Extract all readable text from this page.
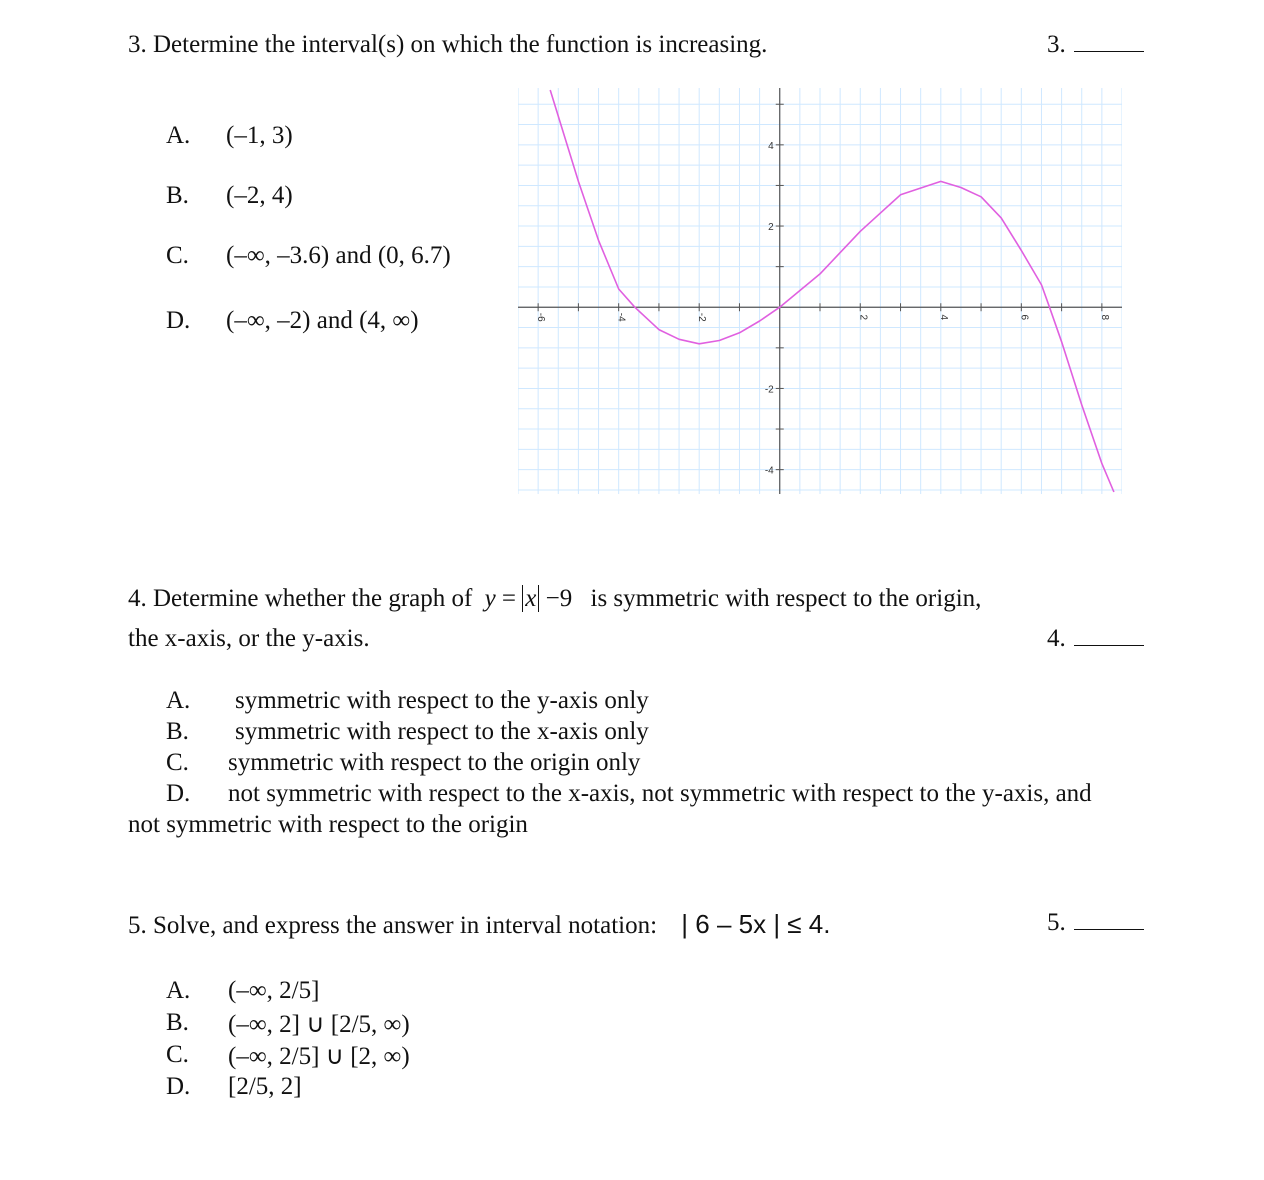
3. Determine the interval(s) on which the function is increasing.	3.
A. (–1, 3)
B. (–2, 4)
C. (–∞, –3.6) and (0, 6.7)
D. (–∞, –2) and (4, ∞)	-6	-4	-2	2	4	6	8
4
2
-2
-4
4. Determine whether the graph of y = x −9 is symmetric with respect to the origin,
the x-axis, or the y-axis.	4.
A. symmetric with respect to the y-axis only
B. symmetric with respect to the x-axis only
C. symmetric with respect to the origin only
D. not symmetric with respect to the x-axis, not symmetric with respect to the y-axis, and
not symmetric with respect to the origin
5. Solve, and express the answer in interval notation: | 6 – 5x | ≤ 4.	5.
A. (–∞, 2/5]
B. (–∞, 2] ∪ [2/5, ∞)
C. (–∞, 2/5] ∪ [2, ∞)
D. [2/5, 2]
